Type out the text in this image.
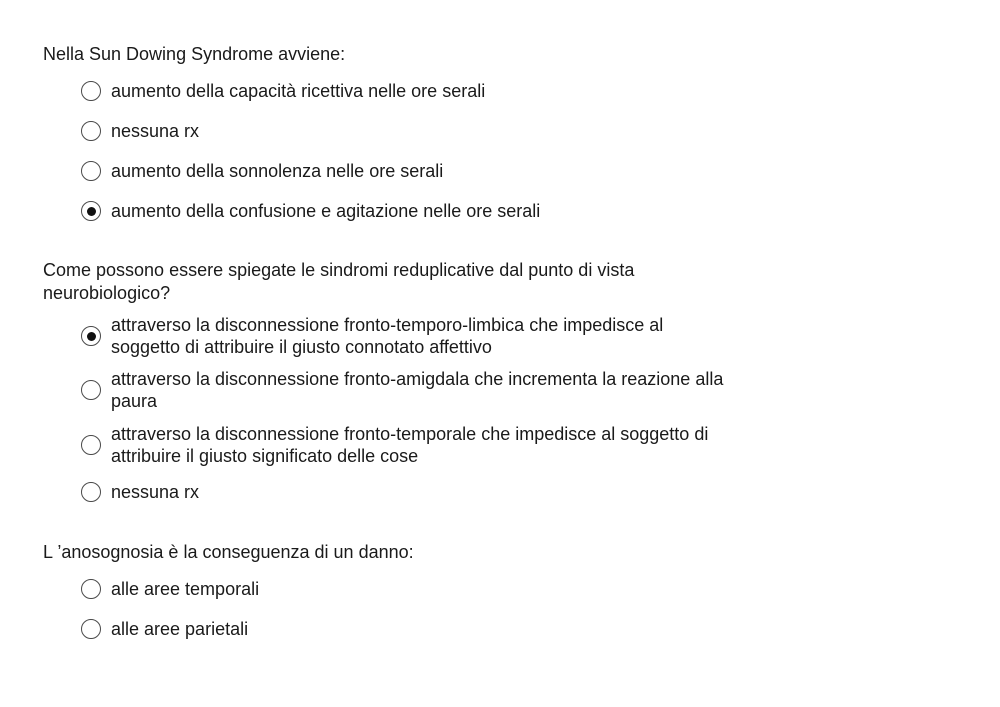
Nella Sun Dowing Syndrome avviene:
aumento della capacità ricettiva nelle ore serali
nessuna rx
aumento della sonnolenza nelle ore serali
aumento della confusione e agitazione nelle ore serali
Come possono essere spiegate le sindromi reduplicative dal punto di vista neurobiologico?
attraverso la disconnessione fronto-temporo-limbica che impedisce al soggetto di attribuire il giusto connotato affettivo
attraverso la disconnessione fronto-amigdala che incrementa la reazione alla paura
attraverso la disconnessione fronto-temporale che impedisce al soggetto di attribuire il giusto significato delle cose
nessuna rx
L ’anosognosia è la conseguenza di un danno:
alle aree temporali
alle aree parietali
